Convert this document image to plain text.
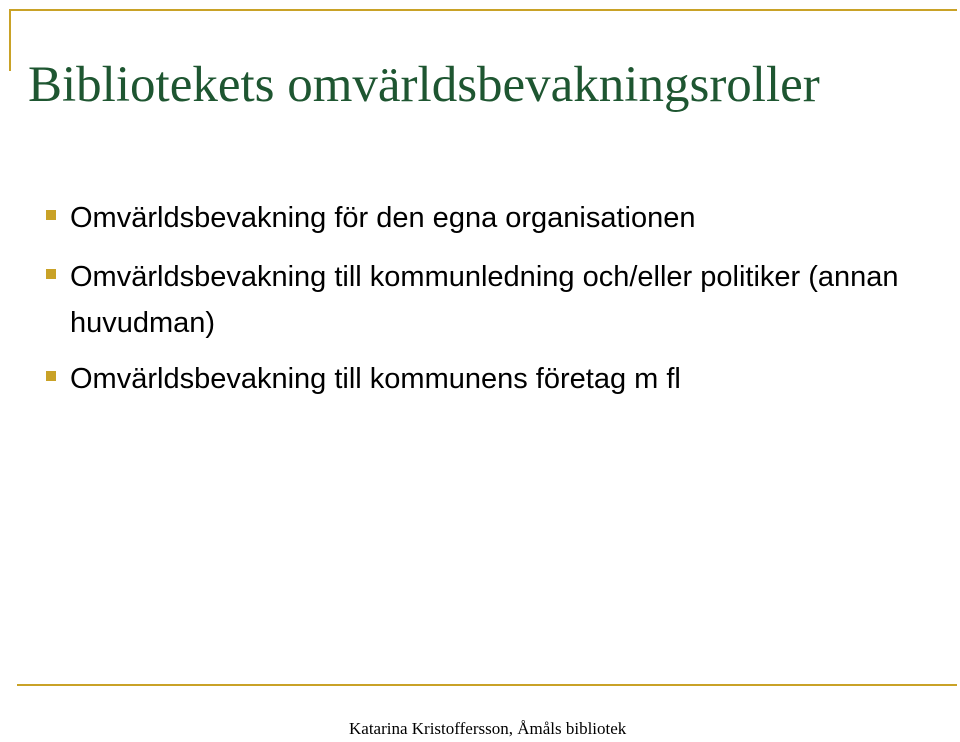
Bibliotekets omvärldsbevakningsroller
Omvärldsbevakning för den egna organisationen
Omvärldsbevakning till kommunledning och/eller politiker (annan huvudman)
Omvärldsbevakning till kommunens företag m fl

Katarina Kristoffersson, Åmåls bibliotek
